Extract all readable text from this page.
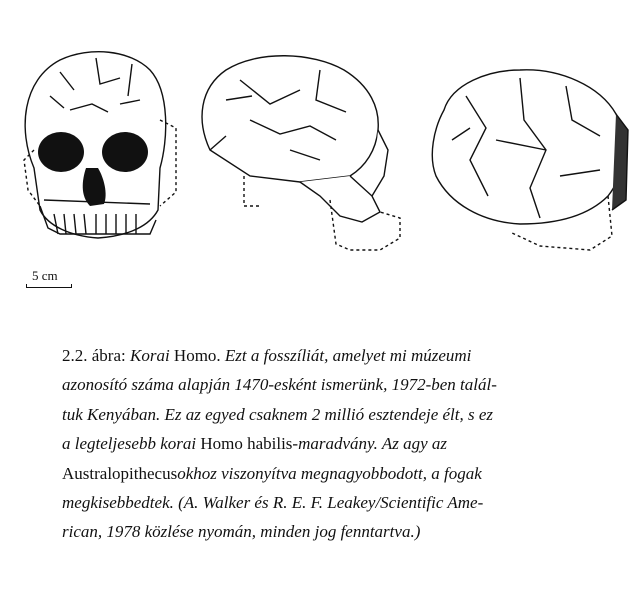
5 cm
2.2. ábra: Korai Homo. Ezt a fosszíliát, amelyet mi múzeumi
azonosító száma alapján 1470-esként ismerünk, 1972-ben talál-
tuk Kenyában. Ez az egyed csaknem 2 millió esztendeje élt, s ez
a legteljesebb korai Homo habilis-maradvány. Az agy az
Australopithecusokhoz viszonyítva megnagyobbodott, a fogak
megkisebbedtek. (A. Walker és R. E. F. Leakey/Scientific Ame-
rican, 1978 közlése nyomán, minden jog fenntartva.)
